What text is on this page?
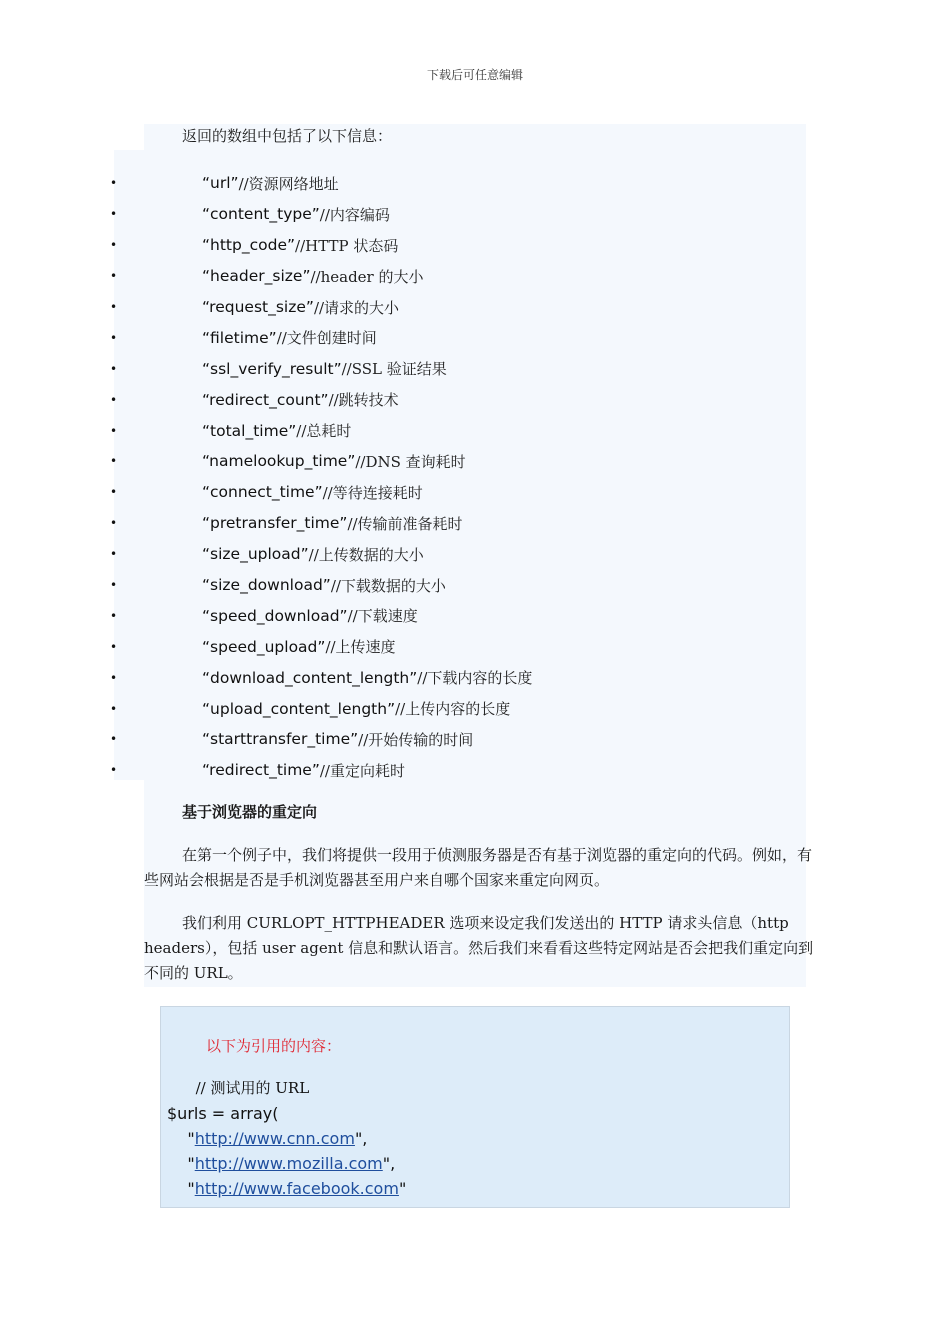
下载后可任意编辑
返回的数组中包括了以下信息：
•	“url” //资源网络地址
•	“content_type” //内容编码
•	“http_code” //HTTP 状态码
•	“header_size” //header 的大小
•	“request_size” //请求的大小
•	“filetime” //文件创建时间
•	“ssl_verify_result” //SSL 验证结果
•	“redirect_count” //跳转技术
•	“total_time” //总耗时
•	“namelookup_time” //DNS 查询耗时
•	“connect_time” //等待连接耗时
•	“pretransfer_time” //传输前准备耗时
•	“size_upload” //上传数据的大小
•	“size_download” //下载数据的大小
•	“speed_download” //下载速度
•	“speed_upload” //上传速度
•	“download_content_length” //下载内容的长度
•	“upload_content_length” //上传内容的长度
•	“starttransfer_time” //开始传输的时间
•	“redirect_time” //重定向耗时
基于浏览器的重定向

在第一个例子中，我们将提供一段用于侦测服务器是否有基于浏览器的重定向的代码。例如，有些网站会根据是否是手机浏览器甚至用户来自哪个国家来重定向网页。

我们利用 CURLOPT_HTTPHEADER 选项来设定我们发送出的 HTTP 请求头信息（http headers），包括 user agent 信息和默认语言。然后我们来看看这些特定网站是否会把我们重定向到不同的 URL。

以下为引用的内容：
// 测试用的 URL
$urls = array(
"http://www.cnn.com",
"http://www.mozilla.com",
"http://www.facebook.com"
